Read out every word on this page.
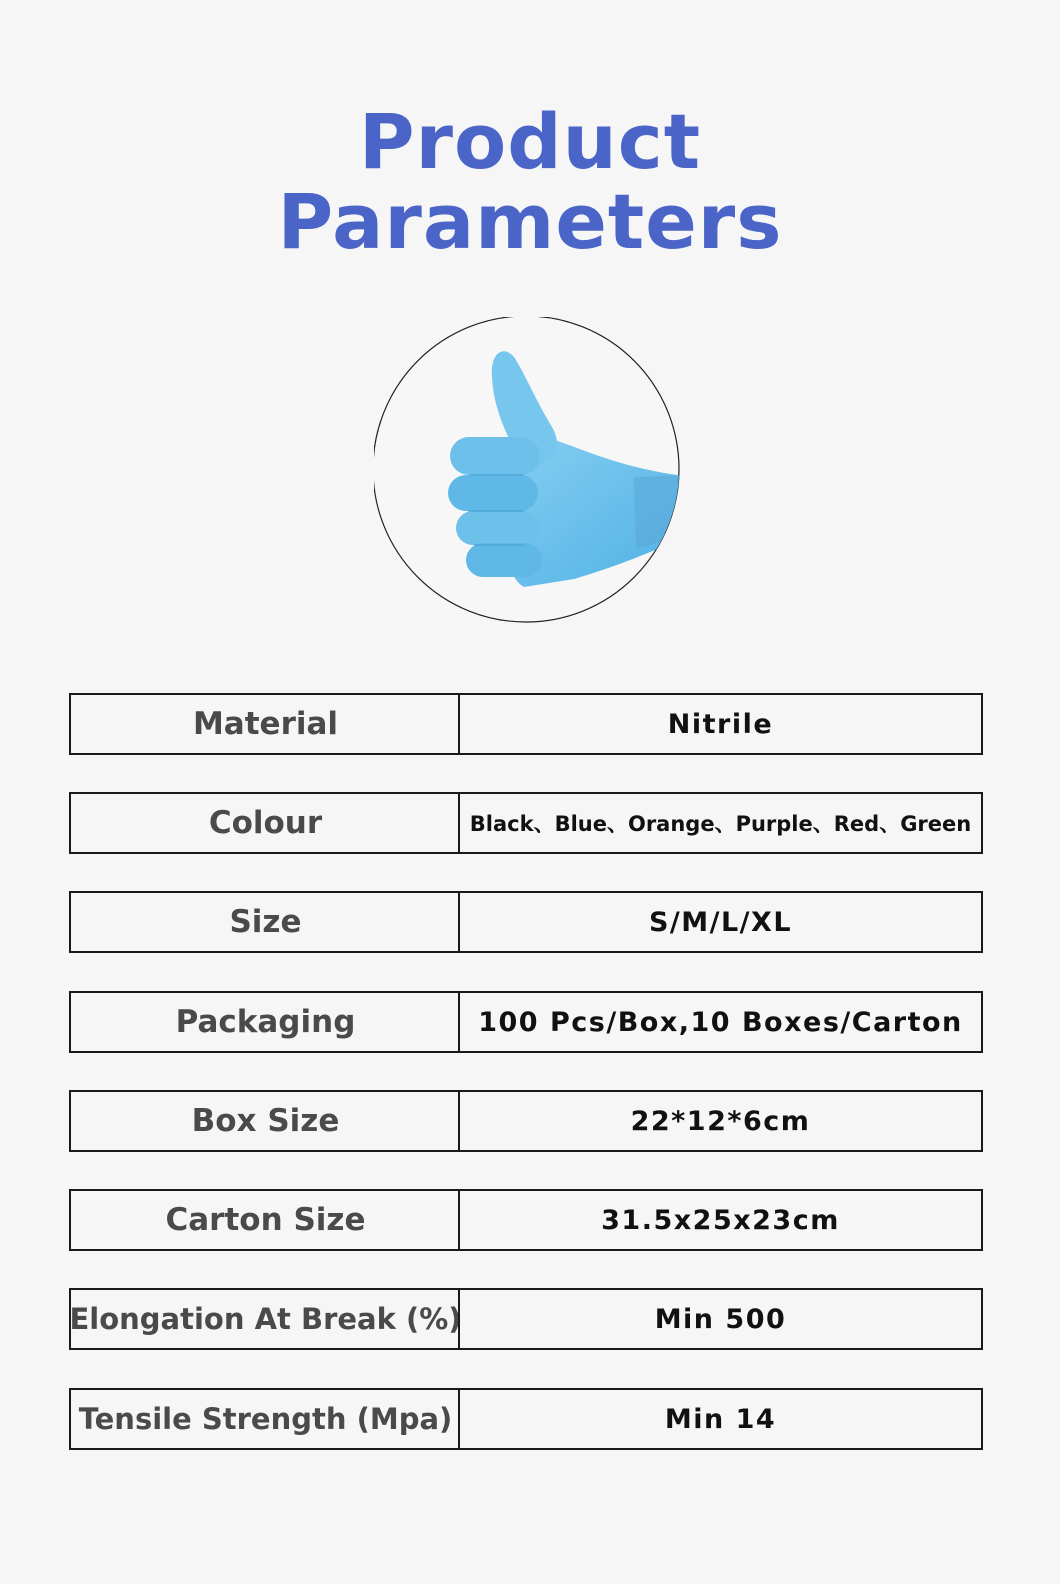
Product
Parameters
Material	Nitrile
Colour	Black、Blue、Orange、Purple、Red、Green
Size	S/M/L/XL
Packaging	100 Pcs/Box,10 Boxes/Carton
Box Size	22*12*6cm
Carton Size	31.5x25x23cm
Elongation At Break (%)	Min 500
Tensile Strength (Mpa)	Min 14
